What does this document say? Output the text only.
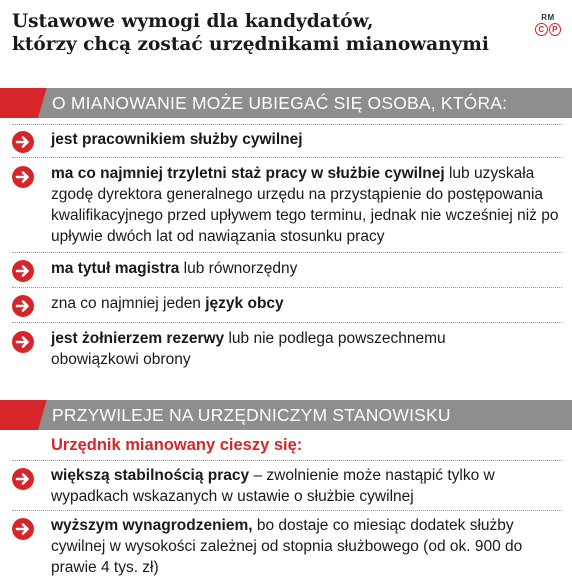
Ustawowe wymogi dla kandydatów,
którzy chcą zostać urzędnikami mianowanymi
RM
C P
O MIANOWANIE MOŻE UBIEGAĆ SIĘ OSOBA, KTÓRA:
jest pracownikiem służby cywilnej
ma co najmniej trzyletni staż pracy w służbie cywilnej lub uzyskała zgodę dyrektora generalnego urzędu na przystąpienie do postępowania kwalifikacyjnego przed upływem tego terminu, jednak nie wcześniej niż po upływie dwóch lat od nawiązania stosunku pracy
ma tytuł magistra lub równorzędny
zna co najmniej jeden język obcy
jest żołnierzem rezerwy lub nie podlega powszechnemu obowiązkowi obrony
PRZYWILEJE NA URZĘDNICZYM STANOWISKU
Urzędnik mianowany cieszy się:
większą stabilnością pracy – zwolnienie może nastąpić tylko w wypadkach wskazanych w ustawie o służbie cywilnej
wyższym wynagrodzeniem, bo dostaje co miesiąc dodatek służby cywilnej w wysokości zależnej od stopnia służbowego (od ok. 900 do prawie 4 tys. zł)
